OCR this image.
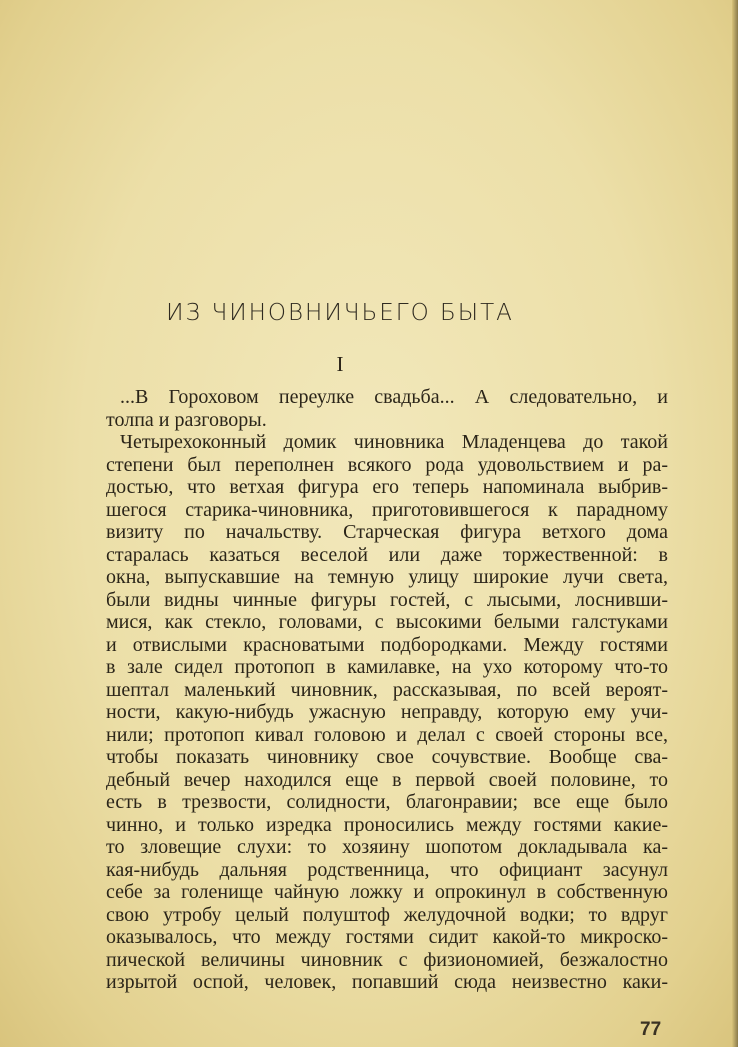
ИЗ ЧИНОВНИЧЬЕГО БЫТА
I
...В Гороховом переулке свадьба... А следовательно, и
толпа и разговоры.
Четырехоконный домик чиновника Младенцева до такой
степени был переполнен всякого рода удовольствием и ра-
достью, что ветхая фигура его теперь напоминала выбрив-
шегося старика-чиновника, приготовившегося к парадному
визиту по начальству. Старческая фигура ветхого дома
старалась казаться веселой или даже торжественной: в
окна, выпускавшие на темную улицу широкие лучи света,
были видны чинные фигуры гостей, с лысыми, лоснивши-
мися, как стекло, головами, с высокими белыми галстуками
и отвислыми красноватыми подбородками. Между гостями
в зале сидел протопоп в камилавке, на ухо которому что-то
шептал маленький чиновник, рассказывая, по всей вероят-
ности, какую-нибудь ужасную неправду, которую ему учи-
нили; протопоп кивал головою и делал с своей стороны все,
чтобы показать чиновнику свое сочувствие. Вообще сва-
дебный вечер находился еще в первой своей половине, то
есть в трезвости, солидности, благонравии; все еще было
чинно, и только изредка проносились между гостями какие-
то зловещие слухи: то хозяину шопотом докладывала ка-
кая-нибудь дальняя родственница, что официант засунул
себе за голенище чайную ложку и опрокинул в собственную
свою утробу целый полуштоф желудочной водки; то вдруг
оказывалось, что между гостями сидит какой-то микроско-
пической величины чиновник с физиономией, безжалостно
изрытой оспой, человек, попавший сюда неизвестно каки-
77
